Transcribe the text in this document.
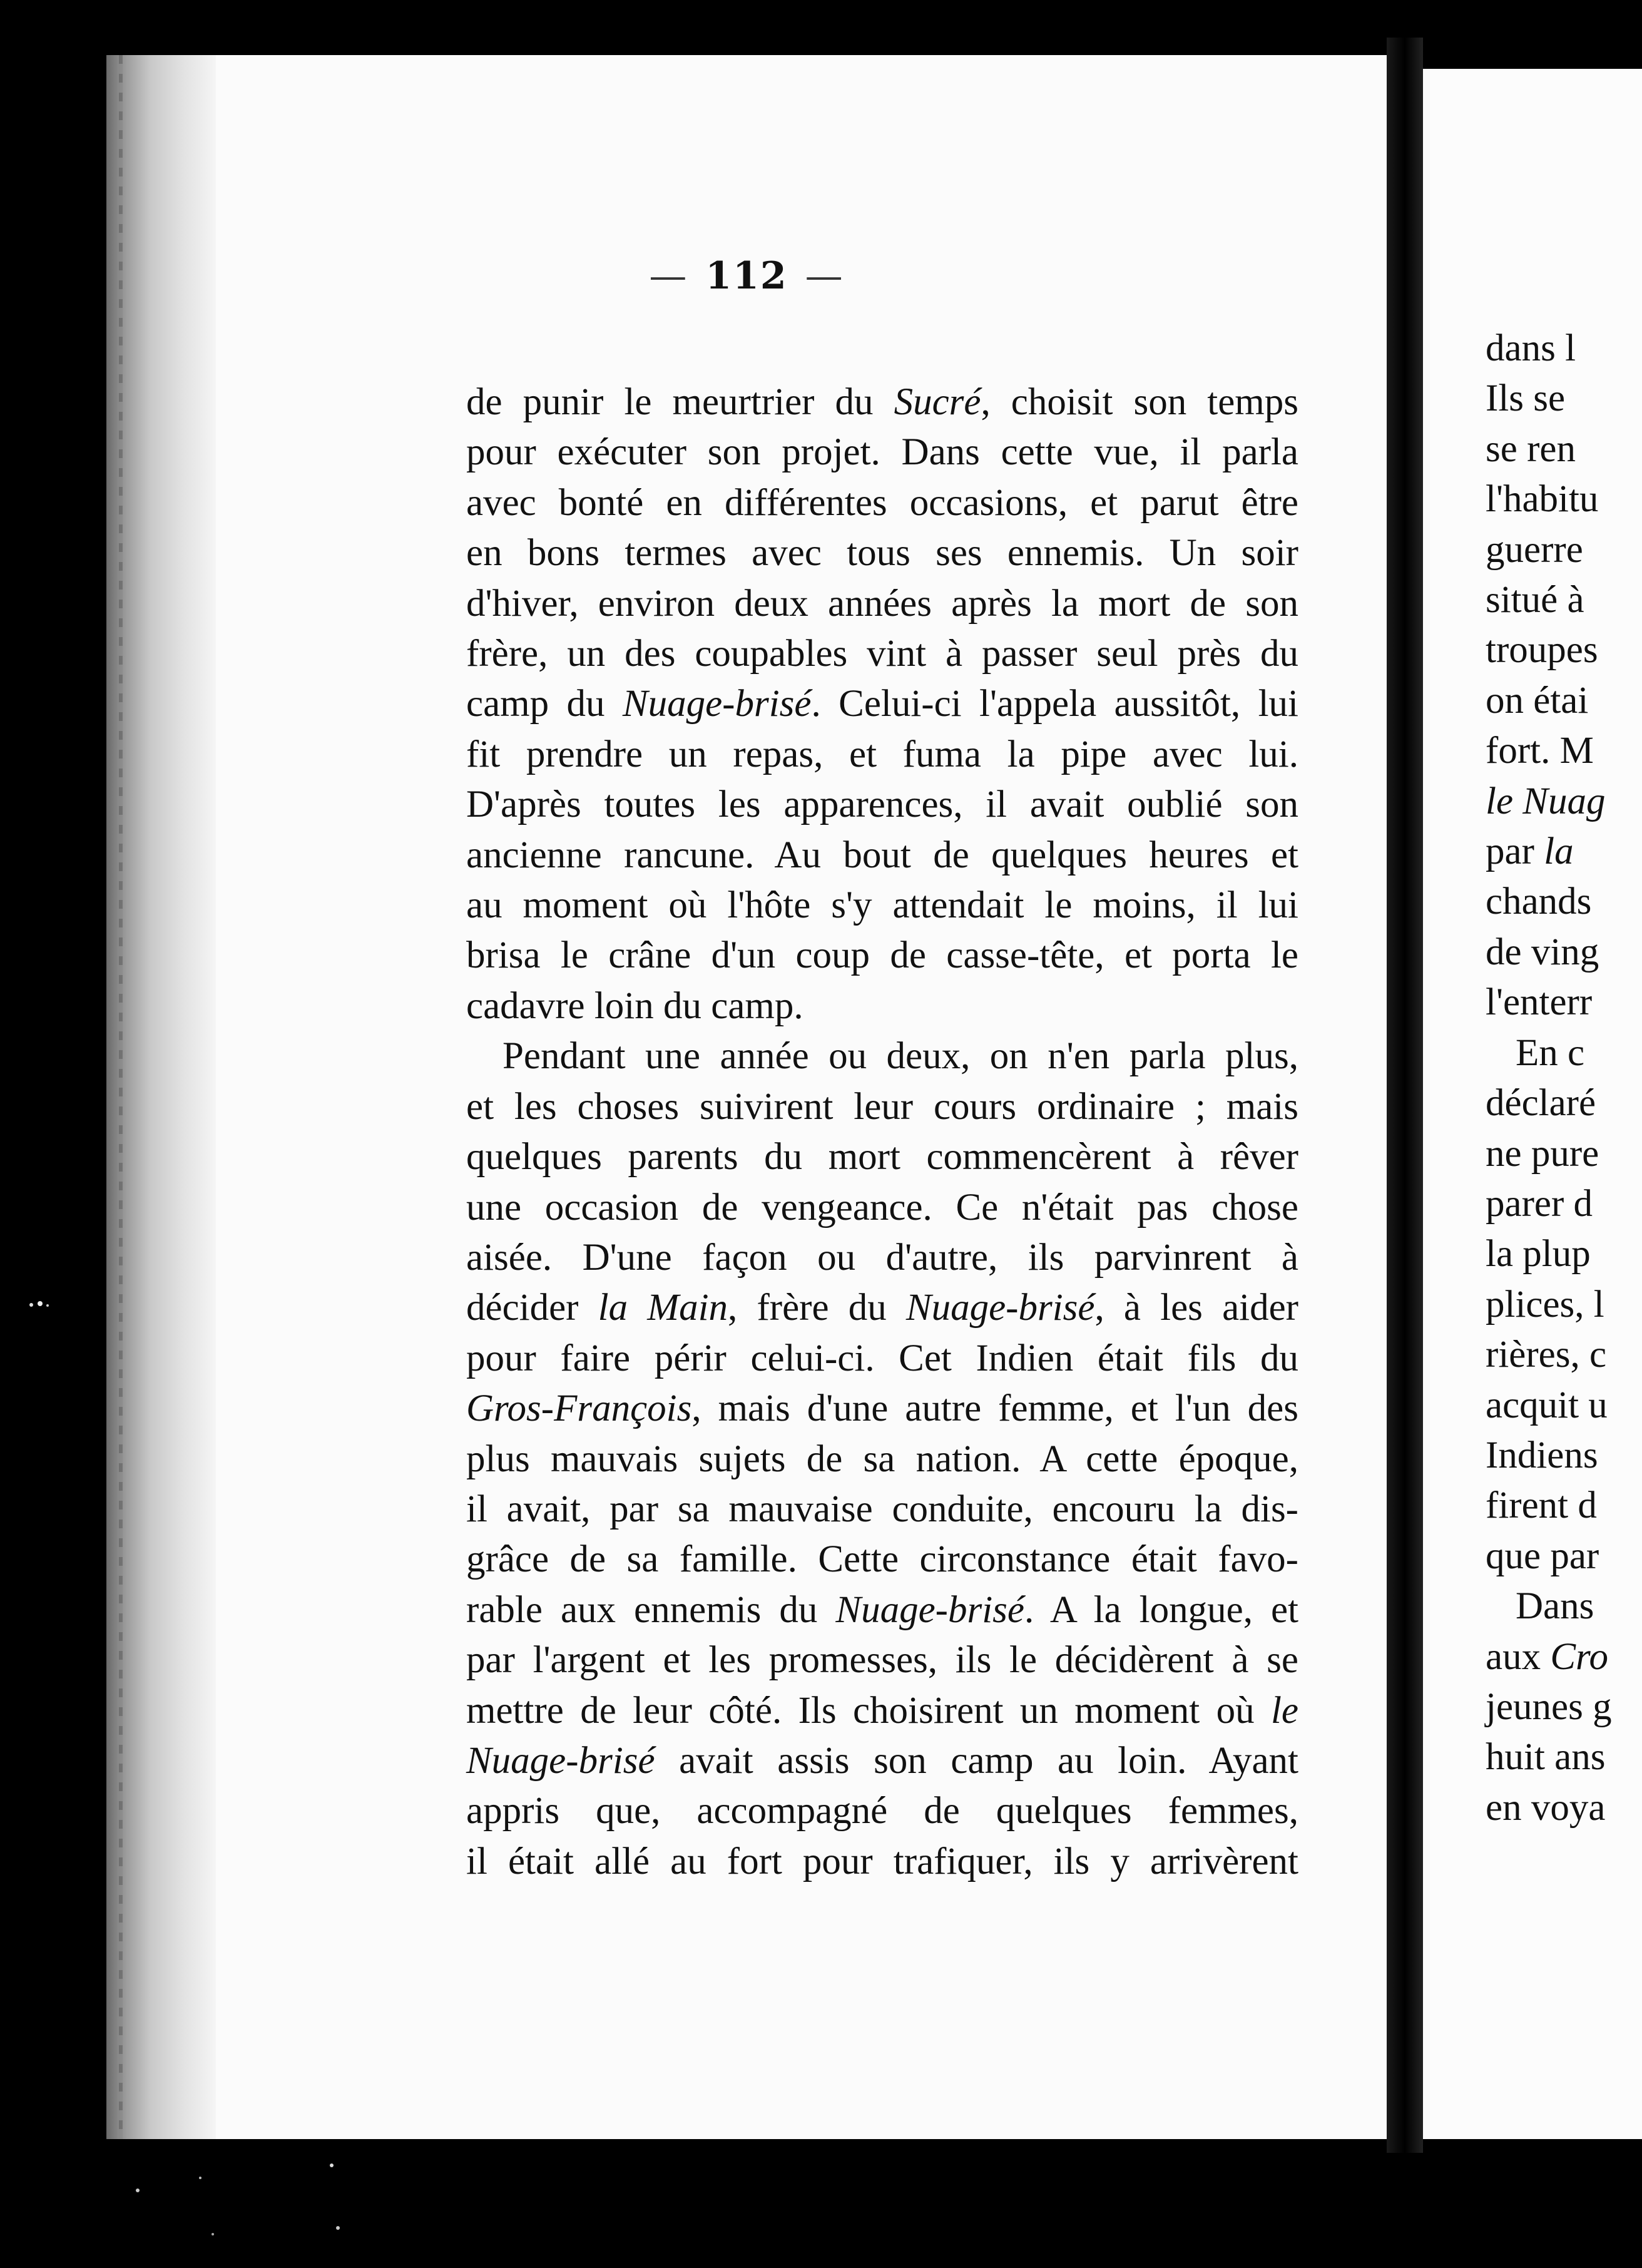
— 112 —
de punir le meurtrier du Sucré, choisit son temps
pour exécuter son projet. Dans cette vue, il parla
avec bonté en différentes occasions, et parut être
en bons termes avec tous ses ennemis. Un soir
d'hiver, environ deux années après la mort de son
frère, un des coupables vint à passer seul près du
camp du Nuage-brisé. Celui-ci l'appela aussitôt, lui
fit prendre un repas, et fuma la pipe avec lui.
D'après toutes les apparences, il avait oublié son
ancienne rancune. Au bout de quelques heures et
au moment où l'hôte s'y attendait le moins, il lui
brisa le crâne d'un coup de casse-tête, et porta le
cadavre loin du camp.
Pendant une année ou deux, on n'en parla plus,
et les choses suivirent leur cours ordinaire ; mais
quelques parents du mort commencèrent à rêver
une occasion de vengeance. Ce n'était pas chose
aisée. D'une façon ou d'autre, ils parvinrent à
décider la Main, frère du Nuage-brisé, à les aider
pour faire périr celui-ci. Cet Indien était fils du
Gros-François, mais d'une autre femme, et l'un des
plus mauvais sujets de sa nation. A cette époque,
il avait, par sa mauvaise conduite, encouru la dis-
grâce de sa famille. Cette circonstance était favo-
rable aux ennemis du Nuage-brisé. A la longue, et
par l'argent et les promesses, ils le décidèrent à se
mettre de leur côté. Ils choisirent un moment où le
Nuage-brisé avait assis son camp au loin. Ayant
appris que, accompagné de quelques femmes,
il était allé au fort pour trafiquer, ils y arrivèrent
dans l
Ils se
se ren
l'habitu
guerre
situé à
troupes
on étai
fort. M
le Nuag
par la
chands
de ving
l'enterr
En c
déclaré
ne pure
parer d
la plup
plices, l
rières, c
acquit u
Indiens
firent d
que par
Dans
aux Cro
jeunes g
huit ans
en voya
